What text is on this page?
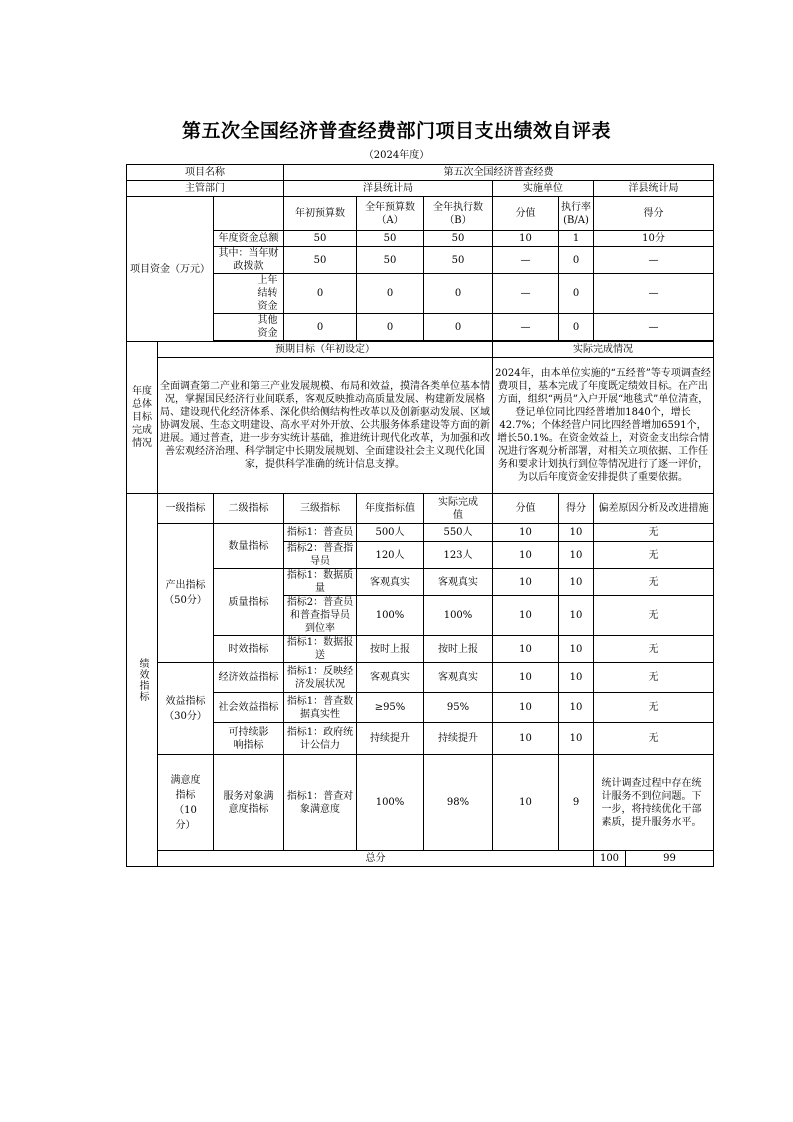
第五次全国经济普查经费部门项目支出绩效自评表
（2024年度）
项目名称			第五次全国经济普查经费							
主管部门			洋县统计局			实施单位		洋县统计局		

项目资金（万元）			年初预算数	全年预算数（A）	全年执行数（B）	分值	执行率(B/A)	得分		
		年度资金总额	50	50	50	10	1	10分		
		其中：当年财政拨款	50	50	50	—	0	—		
		上年结转资金	0	0	0	—	0	—		
		其他资金	0	0	0	—	0	—		

年度总体目标完成情况	预期目标（年初设定）					实际完成情况				
	全面调查第二产业和第三产业发展规模、布局和效益，摸清各类单位基本情况，掌握国民经济行业间联系，客观反映推动高质量发展、构建新发展格局、建设现代化经济体系、深化供给侧结构性改革以及创新驱动发展、区域协调发展、生态文明建设、高水平对外开放、公共服务体系建设等方面的新进展。通过普查，进一步夯实统计基础，推进统计现代化改革，为加强和改善宏观经济治理、科学制定中长期发展规划、全面建设社会主义现代化国家，提供科学准确的统计信息支撑。					2024年，由本单位实施的“五经普”等专项调查经费项目，基本完成了年度既定绩效目标。在产出方面，组织“两员”入户开展“地毯式”单位清查，登记单位同比四经普增加1840个，增长42.7%；个体经营户同比四经普增加6591个，增长50.1%。在资金效益上，对资金支出综合情况进行客观分析部署，对相关立项依据、工作任务和要求计划执行到位等情况进行了逐一评价，为以后年度资金安排提供了重要依据。				

绩效指标	一级指标	二级指标	三级指标	年度指标值	实际完成值	分值	得分	偏差原因分析及改进措施		

	产出指标（50分）	数量指标	指标1：普查员	500人	550人	10	10	无		
			指标2：普查指导员	120人	123人	10	10	无		
		质量指标	指标1：数据质量	客观真实	客观真实	10	10	无		
			指标2：普查员和普查指导员到位率	100%	100%	10	10	无		
		时效指标	指标1：数据报送	按时上报	按时上报	10	10	无		

	效益指标（30分）	经济效益指标	指标1：反映经济发展状况	客观真实	客观真实	10	10	无		
		社会效益指标	指标1：普查数据真实性	≥95%	95%	10	10	无		
		可持续影响指标	指标1：政府统计公信力	持续提升	持续提升	10	10	无		

	满意度指标（10分）	服务对象满意度指标	指标1：普查对象满意度	100%	98%	10	9	统计调查过程中存在统计服务不到位问题。下一步，将持续优化干部素质，提升服务水平。		
	总分							100	99	
